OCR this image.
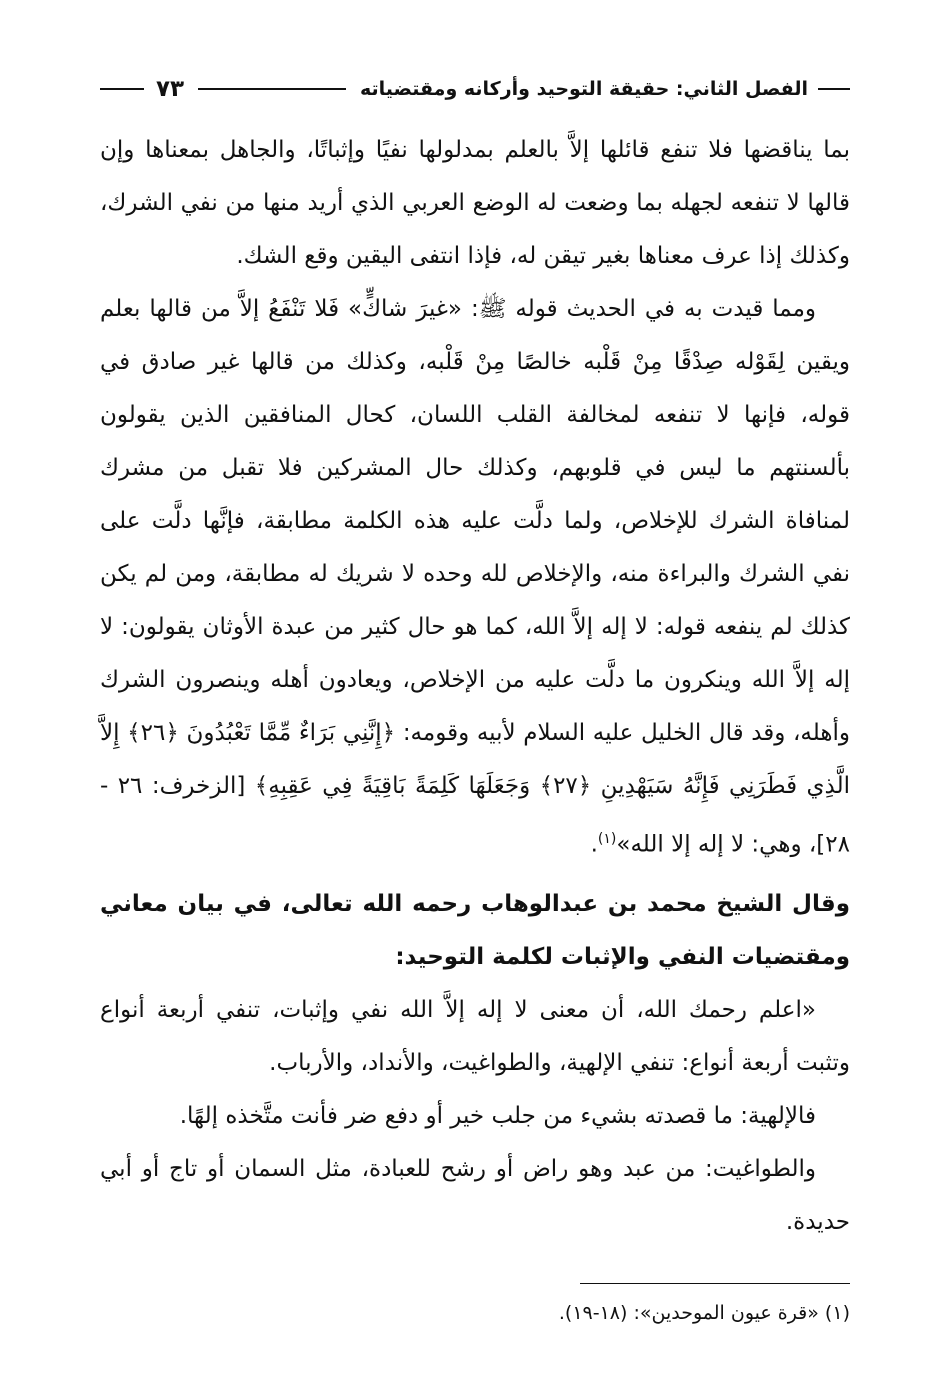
الفصل الثاني: حقيقة التوحيد وأركانه ومقتضياته
٧٣

بما يناقضها فلا تنفع قائلها إلاَّ بالعلم بمدلولها نفيًا وإثباتًا، والجاهل بمعناها وإن قالها لا تنفعه لجهله بما وضعت له الوضع العربي الذي أريد منها من نفي الشرك، وكذلك إذا عرف معناها بغير تيقن له، فإذا انتفى اليقين وقع الشك.

ومما قيدت به في الحديث قوله ﷺ: «غيرَ شاكٍّ» فَلا تَنْفَعُ إلاَّ من قالها بعلم ويقين لِقَوْله صِدْقًا مِنْ قَلْبه خالصًا مِنْ قَلْبه، وكذلك من قالها غير صادق في قوله، فإنها لا تنفعه لمخالفة القلب اللسان، كحال المنافقين الذين يقولون بألسنتهم ما ليس في قلوبهم، وكذلك حال المشركين فلا تقبل من مشرك لمنافاة الشرك للإخلاص، ولما دلَّت عليه هذه الكلمة مطابقة، فإنَّها دلَّت على نفي الشرك والبراءة منه، والإخلاص لله وحده لا شريك له مطابقة، ومن لم يكن كذلك لم ينفعه قوله: لا إله إلاَّ الله، كما هو حال كثير من عبدة الأوثان يقولون: لا إله إلاَّ الله وينكرون ما دلَّت عليه من الإخلاص، ويعادون أهله وينصرون الشرك وأهله، وقد قال الخليل عليه السلام لأبيه وقومه: ﴿إِنَّنِي بَرَاءٌ مِّمَّا تَعْبُدُونَ ﴿٢٦﴾ إِلاَّ الَّذِي فَطَرَنِي فَإِنَّهُ سَيَهْدِينِ ﴿٢٧﴾ وَجَعَلَهَا كَلِمَةً بَاقِيَةً فِي عَقِبِهِ﴾ [الزخرف: ٢٦ - ٢٨]، وهي: لا إله إلا الله»$^{(١)}$.

وقال الشيخ محمد بن عبدالوهاب رحمه الله تعالى، في بيان معاني ومقتضيات النفي والإثبات لكلمة التوحيد:

«اعلم رحمك الله، أن معنى لا إله إلاَّ الله نفي وإثبات، تنفي أربعة أنواع وتثبت أربعة أنواع: تنفي الإلهية، والطواغيت، والأنداد، والأرباب.

فالإلهية: ما قصدته بشيء من جلب خير أو دفع ضر فأنت متَّخذه إلهًا.

والطواغيت: من عبد وهو راض أو رشح للعبادة، مثل السمان أو تاج أو أبي حديدة.

(١) «قرة عيون الموحدين»: (١٨-١٩).
